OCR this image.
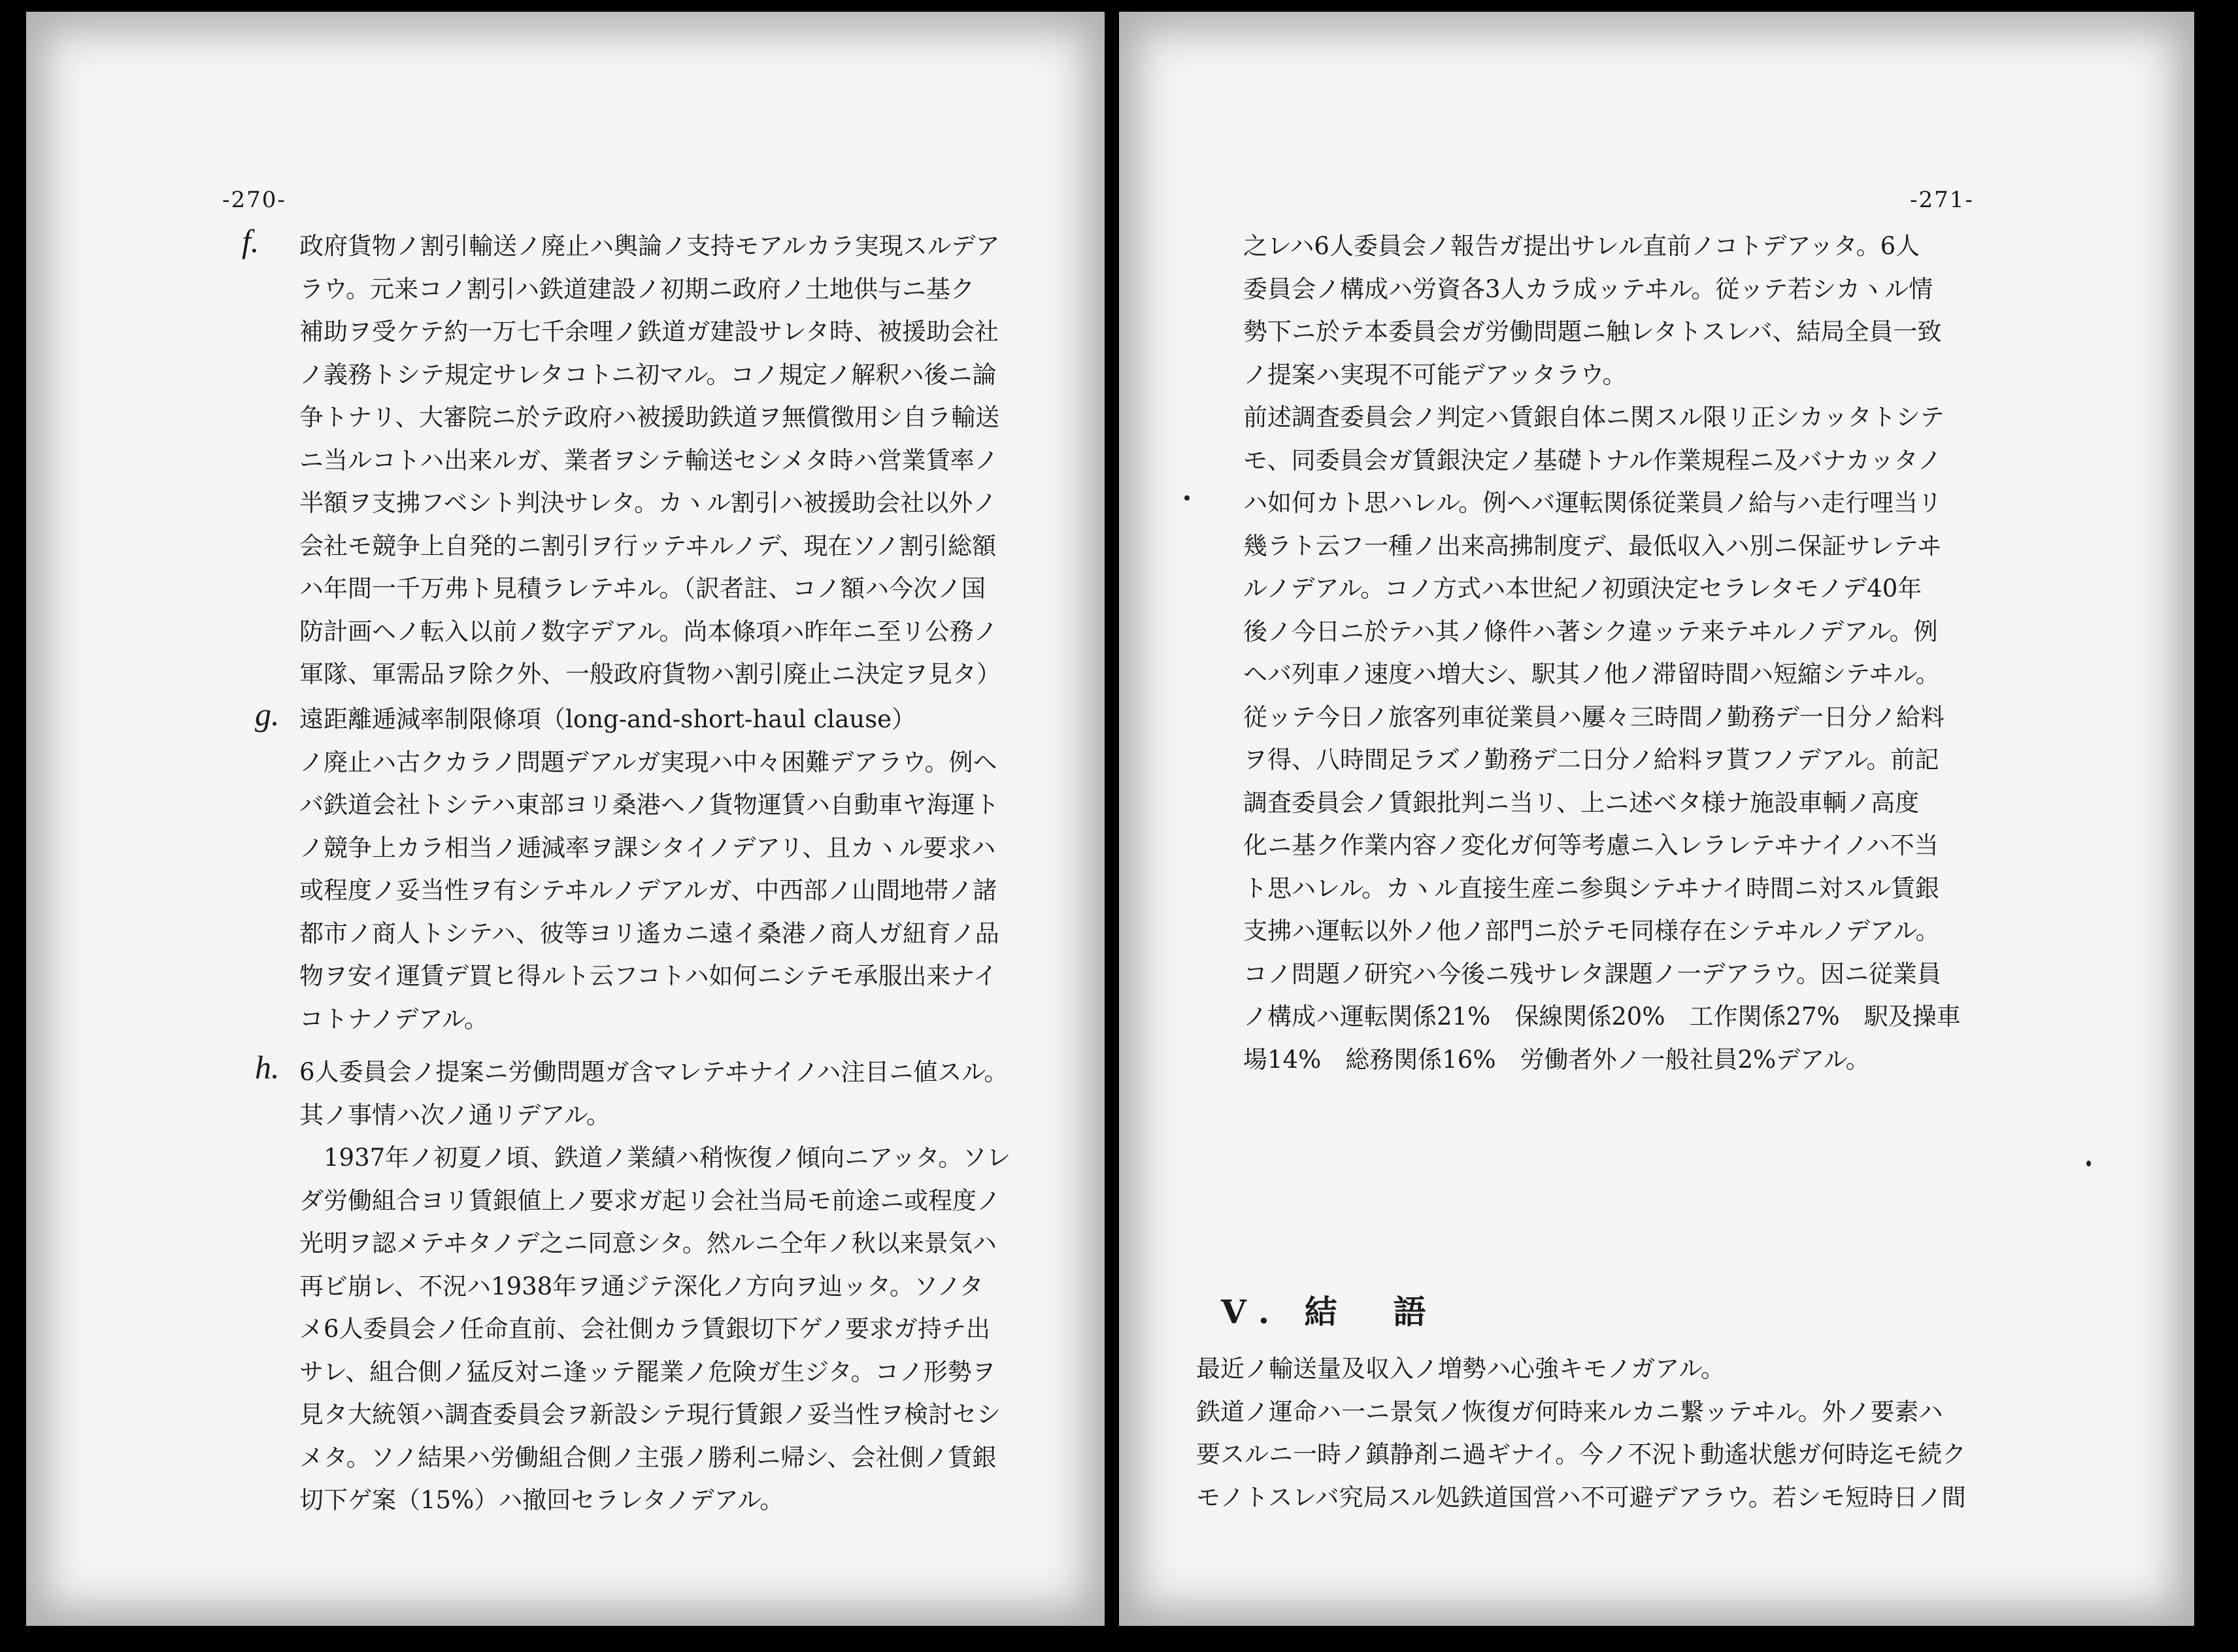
-270-
f. 政府貨物ノ割引輸送ノ廃止ハ輿論ノ支持モアルカラ実現スルデア
ラウ。元来コノ割引ハ鉄道建設ノ初期ニ政府ノ土地供与ニ基ク
補助ヲ受ケテ約一万七千余哩ノ鉄道ガ建設サレタ時、被援助会社
ノ義務トシテ規定サレタコトニ初マル。コノ規定ノ解釈ハ後ニ論
争トナリ、大審院ニ於テ政府ハ被援助鉄道ヲ無償徴用シ自ラ輸送
ニ当ルコトハ出来ルガ、業者ヲシテ輸送セシメタ時ハ営業賃率ノ
半額ヲ支拂フベシト判決サレタ。カヽル割引ハ被援助会社以外ノ
会社モ競争上自発的ニ割引ヲ行ッテヰルノデ、現在ソノ割引総額
ハ年間一千万弗ト見積ラレテヰル。（訳者註、コノ額ハ今次ノ国
防計画ヘノ転入以前ノ数字デアル。尚本條項ハ昨年ニ至リ公務ノ
軍隊、軍需品ヲ除ク外、一般政府貨物ハ割引廃止ニ決定ヲ見タ）
g. 遠距離逓減率制限條項（long-and-short-haul clause）
ノ廃止ハ古クカラノ問題デアルガ実現ハ中々困難デアラウ。例ヘ
バ鉄道会社トシテハ東部ヨリ桑港ヘノ貨物運賃ハ自動車ヤ海運ト
ノ競争上カラ相当ノ逓減率ヲ課シタイノデアリ、且カヽル要求ハ
或程度ノ妥当性ヲ有シテヰルノデアルガ、中西部ノ山間地帯ノ諸
都市ノ商人トシテハ、彼等ヨリ遙カニ遠イ桑港ノ商人ガ紐育ノ品
物ヲ安イ運賃デ買ヒ得ルト云フコトハ如何ニシテモ承服出来ナイ
コトナノデアル。
h. 6人委員会ノ提案ニ労働問題ガ含マレテヰナイノハ注目ニ値スル。
其ノ事情ハ次ノ通リデアル。
　1937年ノ初夏ノ頃、鉄道ノ業績ハ稍恢復ノ傾向ニアッタ。ソレ
ダ労働組合ヨリ賃銀値上ノ要求ガ起リ会社当局モ前途ニ或程度ノ
光明ヲ認メテヰタノデ之ニ同意シタ。然ルニ仝年ノ秋以来景気ハ
再ビ崩レ、不況ハ1938年ヲ通ジテ深化ノ方向ヲ辿ッタ。ソノタ
メ6人委員会ノ任命直前、会社側カラ賃銀切下ゲノ要求ガ持チ出
サレ、組合側ノ猛反対ニ逢ッテ罷業ノ危険ガ生ジタ。コノ形勢ヲ
見タ大統領ハ調査委員会ヲ新設シテ現行賃銀ノ妥当性ヲ検討セシ
メタ。ソノ結果ハ労働組合側ノ主張ノ勝利ニ帰シ、会社側ノ賃銀
切下ゲ案（15%）ハ撤回セラレタノデアル。
-271-
之レハ6人委員会ノ報告ガ提出サレル直前ノコトデアッタ。6人
委員会ノ構成ハ労資各3人カラ成ッテヰル。従ッテ若シカヽル情
勢下ニ於テ本委員会ガ労働問題ニ触レタトスレバ、結局全員一致
ノ提案ハ実現不可能デアッタラウ。
前述調査委員会ノ判定ハ賃銀自体ニ関スル限リ正シカッタトシテ
モ、同委員会ガ賃銀決定ノ基礎トナル作業規程ニ及バナカッタノ
ハ如何カト思ハレル。例ヘバ運転関係従業員ノ給与ハ走行哩当リ
幾ラト云フ一種ノ出来高拂制度デ、最低収入ハ別ニ保証サレテヰ
ルノデアル。コノ方式ハ本世紀ノ初頭決定セラレタモノデ40年
後ノ今日ニ於テハ其ノ條件ハ著シク違ッテ来テヰルノデアル。例
ヘバ列車ノ速度ハ増大シ、駅其ノ他ノ滞留時間ハ短縮シテヰル。
従ッテ今日ノ旅客列車従業員ハ屢々三時間ノ勤務デ一日分ノ給料
ヲ得、八時間足ラズノ勤務デ二日分ノ給料ヲ貰フノデアル。前記
調査委員会ノ賃銀批判ニ当リ、上ニ述ベタ様ナ施設車輌ノ高度
化ニ基ク作業内容ノ変化ガ何等考慮ニ入レラレテヰナイノハ不当
ト思ハレル。カヽル直接生産ニ参與シテヰナイ時間ニ対スル賃銀
支拂ハ運転以外ノ他ノ部門ニ於テモ同様存在シテヰルノデアル。
コノ問題ノ研究ハ今後ニ残サレタ課題ノ一デアラウ。因ニ従業員
ノ構成ハ運転関係21%　保線関係20%　工作関係27%　駅及操車
場14%　総務関係16%　労働者外ノ一般社員2%デアル。
Ⅴ. 結　語
最近ノ輸送量及収入ノ増勢ハ心強キモノガアル。
鉄道ノ運命ハ一ニ景気ノ恢復ガ何時来ルカニ繋ッテヰル。外ノ要素ハ
要スルニ一時ノ鎮静剤ニ過ギナイ。今ノ不況ト動遙状態ガ何時迄モ続ク
モノトスレバ究局スル処鉄道国営ハ不可避デアラウ。若シモ短時日ノ間
